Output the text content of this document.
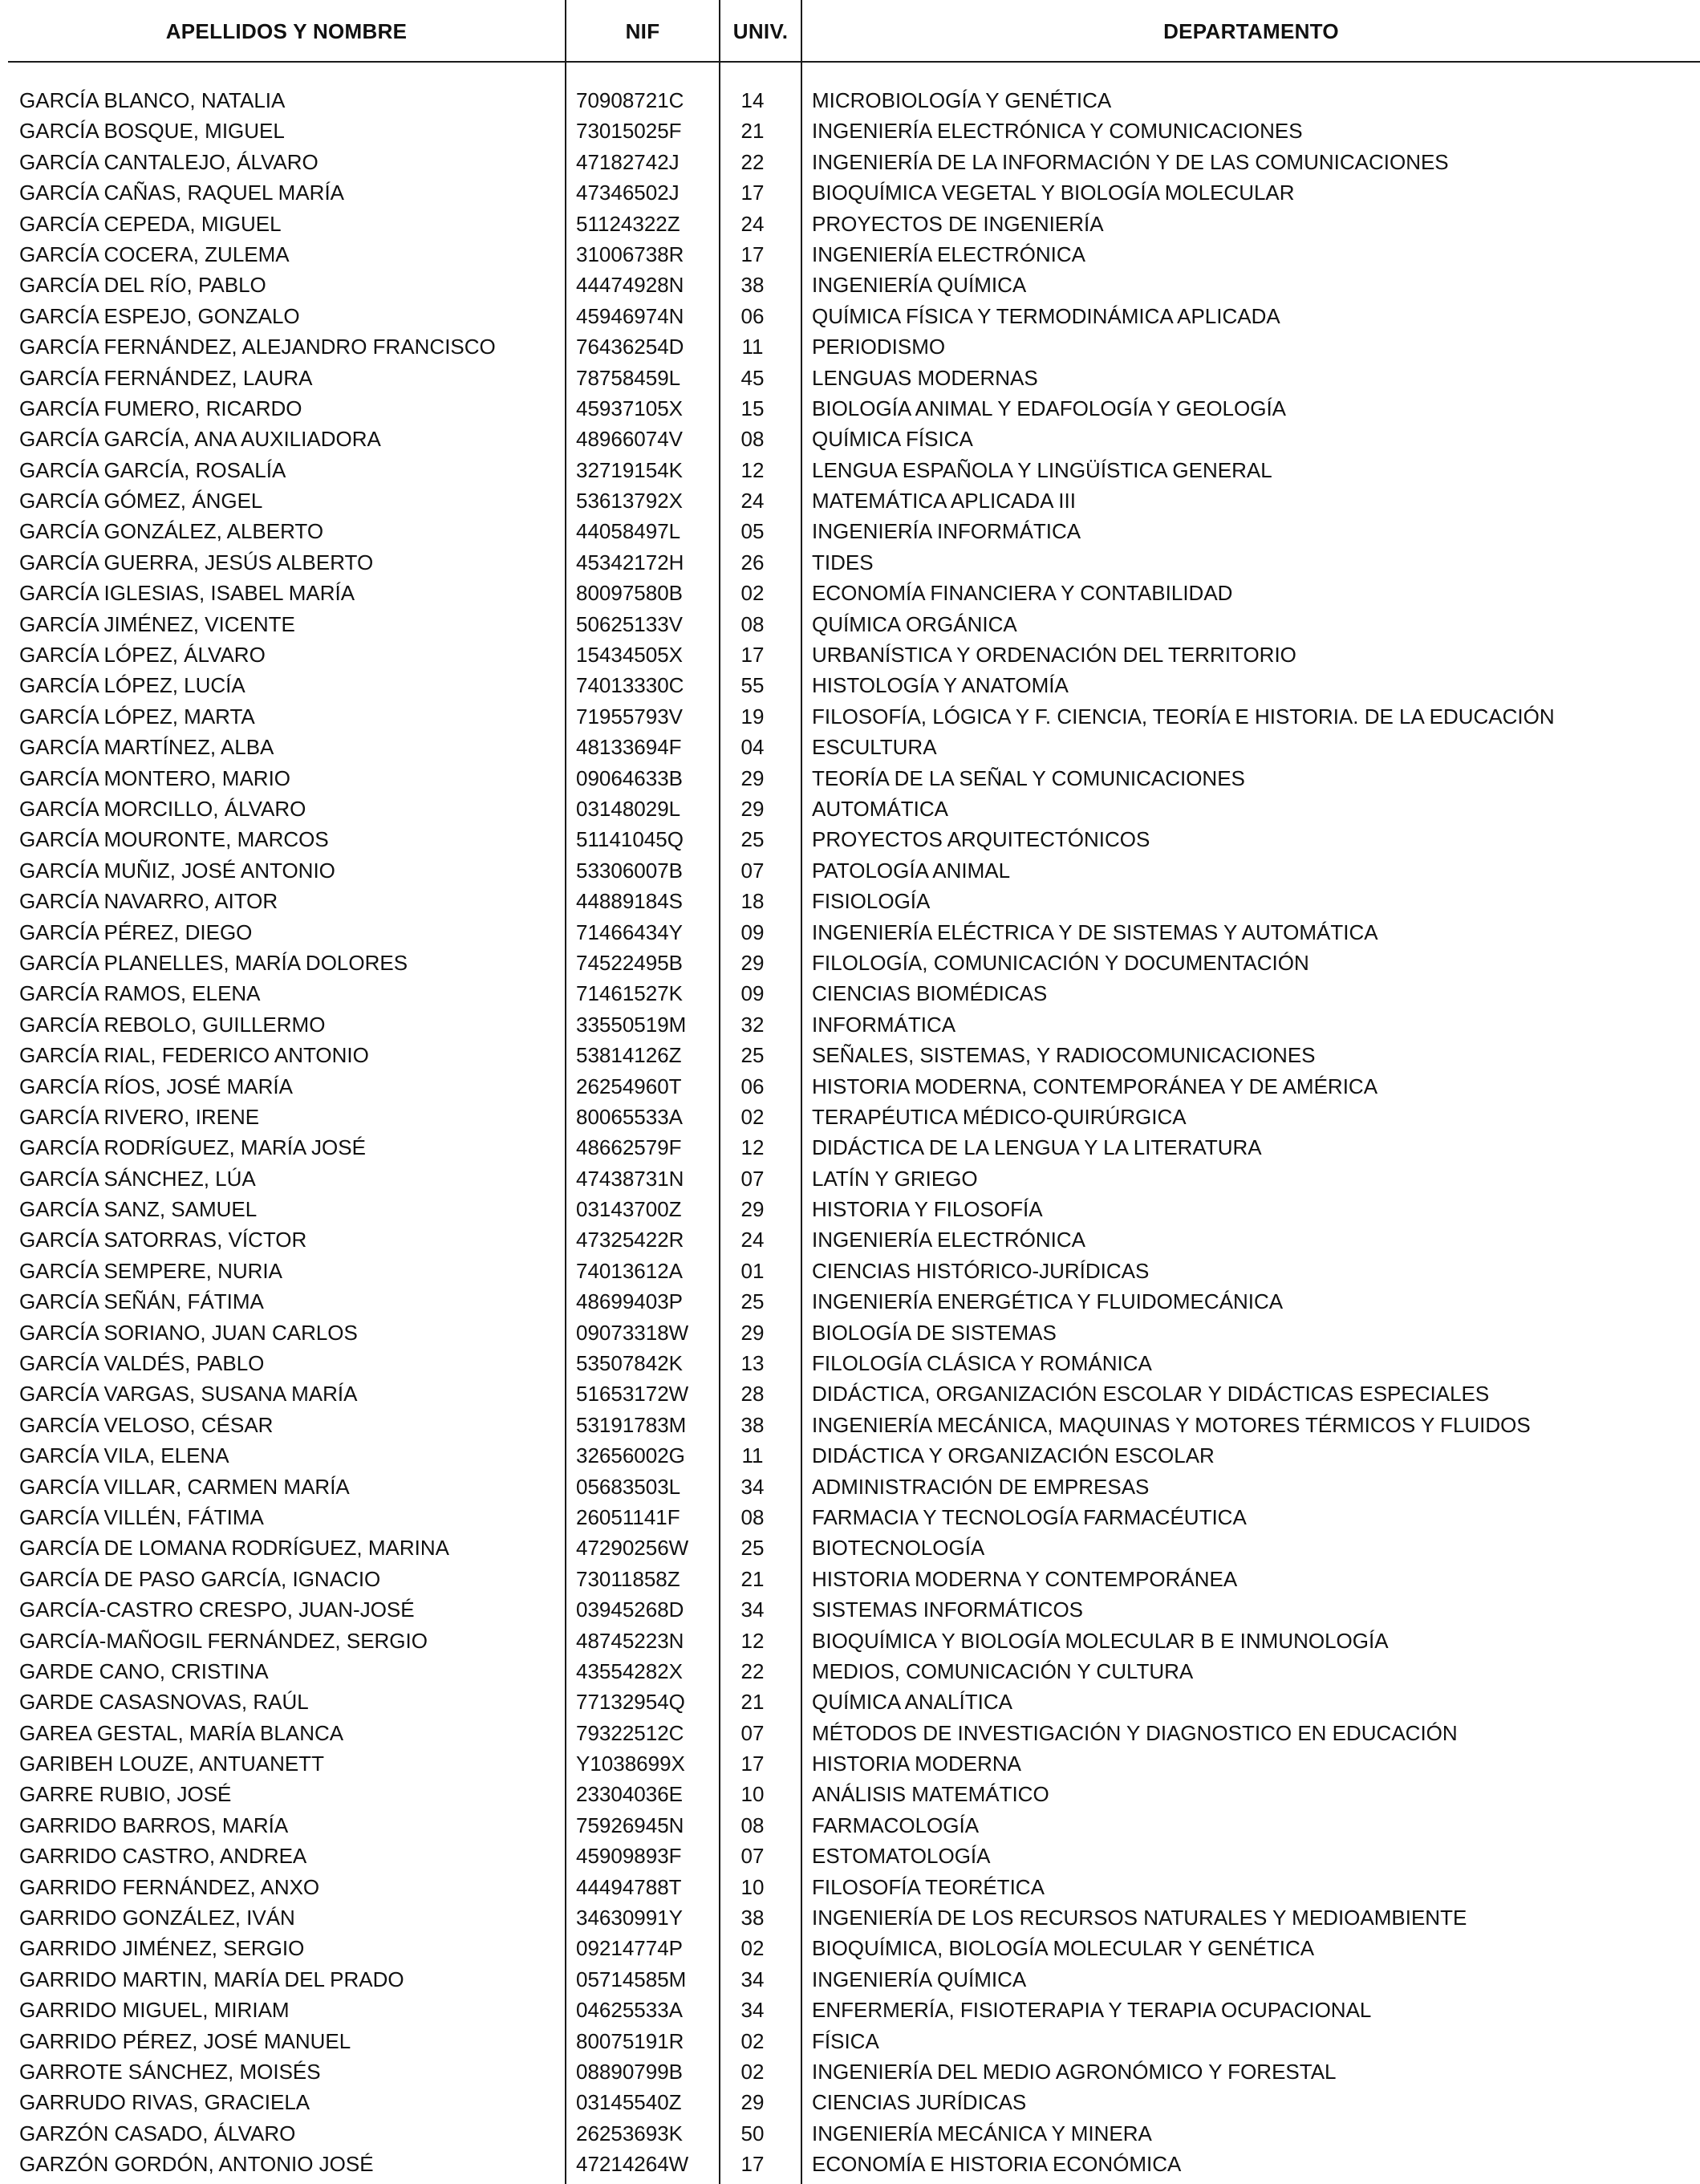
APELLIDOS Y NOMBRE	NIF	UNIV.	DEPARTAMENTO
GARCÍA BLANCO, NATALIA	70908721C	14	MICROBIOLOGÍA Y GENÉTICA
GARCÍA BOSQUE, MIGUEL	73015025F	21	INGENIERÍA ELECTRÓNICA Y COMUNICACIONES
GARCÍA CANTALEJO, ÁLVARO	47182742J	22	INGENIERÍA DE LA INFORMACIÓN Y DE LAS COMUNICACIONES
GARCÍA CAÑAS, RAQUEL MARÍA	47346502J	17	BIOQUÍMICA VEGETAL Y BIOLOGÍA MOLECULAR
GARCÍA CEPEDA, MIGUEL	51124322Z	24	PROYECTOS DE INGENIERÍA
GARCÍA COCERA, ZULEMA	31006738R	17	INGENIERÍA ELECTRÓNICA
GARCÍA DEL RÍO, PABLO	44474928N	38	INGENIERÍA QUÍMICA
GARCÍA ESPEJO, GONZALO	45946974N	06	QUÍMICA FÍSICA Y TERMODINÁMICA APLICADA
GARCÍA FERNÁNDEZ, ALEJANDRO FRANCISCO	76436254D	11	PERIODISMO
GARCÍA FERNÁNDEZ, LAURA	78758459L	45	LENGUAS MODERNAS
GARCÍA FUMERO, RICARDO	45937105X	15	BIOLOGÍA ANIMAL Y EDAFOLOGÍA Y GEOLOGÍA
GARCÍA GARCÍA, ANA AUXILIADORA	48966074V	08	QUÍMICA FÍSICA
GARCÍA GARCÍA, ROSALÍA	32719154K	12	LENGUA ESPAÑOLA Y LINGÜÍSTICA GENERAL
GARCÍA GÓMEZ, ÁNGEL	53613792X	24	MATEMÁTICA APLICADA III
GARCÍA GONZÁLEZ, ALBERTO	44058497L	05	INGENIERÍA INFORMÁTICA
GARCÍA GUERRA, JESÚS ALBERTO	45342172H	26	TIDES
GARCÍA IGLESIAS, ISABEL MARÍA	80097580B	02	ECONOMÍA FINANCIERA Y CONTABILIDAD
GARCÍA JIMÉNEZ, VICENTE	50625133V	08	QUÍMICA ORGÁNICA
GARCÍA LÓPEZ, ÁLVARO	15434505X	17	URBANÍSTICA Y ORDENACIÓN DEL TERRITORIO
GARCÍA LÓPEZ, LUCÍA	74013330C	55	HISTOLOGÍA Y ANATOMÍA
GARCÍA LÓPEZ, MARTA	71955793V	19	FILOSOFÍA, LÓGICA Y F. CIENCIA, TEORÍA E HISTORIA. DE LA EDUCACIÓN
GARCÍA MARTÍNEZ, ALBA	48133694F	04	ESCULTURA
GARCÍA MONTERO, MARIO	09064633B	29	TEORÍA DE LA SEÑAL Y COMUNICACIONES
GARCÍA MORCILLO, ÁLVARO	03148029L	29	AUTOMÁTICA
GARCÍA MOURONTE, MARCOS	51141045Q	25	PROYECTOS ARQUITECTÓNICOS
GARCÍA MUÑIZ, JOSÉ ANTONIO	53306007B	07	PATOLOGÍA ANIMAL
GARCÍA NAVARRO, AITOR	44889184S	18	FISIOLOGÍA
GARCÍA PÉREZ, DIEGO	71466434Y	09	INGENIERÍA ELÉCTRICA Y DE SISTEMAS Y AUTOMÁTICA
GARCÍA PLANELLES, MARÍA DOLORES	74522495B	29	FILOLOGÍA, COMUNICACIÓN Y DOCUMENTACIÓN
GARCÍA RAMOS, ELENA	71461527K	09	CIENCIAS BIOMÉDICAS
GARCÍA REBOLO, GUILLERMO	33550519M	32	INFORMÁTICA
GARCÍA RIAL, FEDERICO ANTONIO	53814126Z	25	SEÑALES, SISTEMAS, Y RADIOCOMUNICACIONES
GARCÍA RÍOS, JOSÉ MARÍA	26254960T	06	HISTORIA MODERNA, CONTEMPORÁNEA Y DE AMÉRICA
GARCÍA RIVERO, IRENE	80065533A	02	TERAPÉUTICA MÉDICO-QUIRÚRGICA
GARCÍA RODRÍGUEZ, MARÍA JOSÉ	48662579F	12	DIDÁCTICA DE LA LENGUA Y LA LITERATURA
GARCÍA SÁNCHEZ, LÚA	47438731N	07	LATÍN Y GRIEGO
GARCÍA SANZ, SAMUEL	03143700Z	29	HISTORIA Y FILOSOFÍA
GARCÍA SATORRAS, VÍCTOR	47325422R	24	INGENIERÍA ELECTRÓNICA
GARCÍA SEMPERE, NURIA	74013612A	01	CIENCIAS HISTÓRICO-JURÍDICAS
GARCÍA SEÑÁN, FÁTIMA	48699403P	25	INGENIERÍA ENERGÉTICA Y FLUIDOMECÁNICA
GARCÍA SORIANO, JUAN CARLOS	09073318W	29	BIOLOGÍA DE SISTEMAS
GARCÍA VALDÉS, PABLO	53507842K	13	FILOLOGÍA CLÁSICA Y ROMÁNICA
GARCÍA VARGAS, SUSANA MARÍA	51653172W	28	DIDÁCTICA, ORGANIZACIÓN ESCOLAR Y DIDÁCTICAS ESPECIALES
GARCÍA VELOSO, CÉSAR	53191783M	38	INGENIERÍA MECÁNICA, MAQUINAS Y MOTORES TÉRMICOS Y FLUIDOS
GARCÍA VILA, ELENA	32656002G	11	DIDÁCTICA Y ORGANIZACIÓN ESCOLAR
GARCÍA VILLAR, CARMEN MARÍA	05683503L	34	ADMINISTRACIÓN DE EMPRESAS
GARCÍA VILLÉN, FÁTIMA	26051141F	08	FARMACIA Y TECNOLOGÍA FARMACÉUTICA
GARCÍA DE LOMANA RODRÍGUEZ, MARINA	47290256W	25	BIOTECNOLOGÍA
GARCÍA DE PASO GARCÍA, IGNACIO	73011858Z	21	HISTORIA MODERNA Y CONTEMPORÁNEA
GARCÍA-CASTRO CRESPO, JUAN-JOSÉ	03945268D	34	SISTEMAS INFORMÁTICOS
GARCÍA-MAÑOGIL FERNÁNDEZ, SERGIO	48745223N	12	BIOQUÍMICA Y BIOLOGÍA MOLECULAR B E INMUNOLOGÍA
GARDE CANO, CRISTINA	43554282X	22	MEDIOS, COMUNICACIÓN Y CULTURA
GARDE CASASNOVAS, RAÚL	77132954Q	21	QUÍMICA ANALÍTICA
GAREA GESTAL, MARÍA BLANCA	79322512C	07	MÉTODOS DE INVESTIGACIÓN Y DIAGNOSTICO EN EDUCACIÓN
GARIBEH LOUZE, ANTUANETT	Y1038699X	17	HISTORIA MODERNA
GARRE RUBIO, JOSÉ	23304036E	10	ANÁLISIS MATEMÁTICO
GARRIDO BARROS, MARÍA	75926945N	08	FARMACOLOGÍA
GARRIDO CASTRO, ANDREA	45909893F	07	ESTOMATOLOGÍA
GARRIDO FERNÁNDEZ, ANXO	44494788T	10	FILOSOFÍA TEORÉTICA
GARRIDO GONZÁLEZ, IVÁN	34630991Y	38	INGENIERÍA DE LOS RECURSOS NATURALES Y MEDIOAMBIENTE
GARRIDO JIMÉNEZ, SERGIO	09214774P	02	BIOQUÍMICA, BIOLOGÍA MOLECULAR Y GENÉTICA
GARRIDO MARTIN, MARÍA DEL PRADO	05714585M	34	INGENIERÍA QUÍMICA
GARRIDO MIGUEL, MIRIAM	04625533A	34	ENFERMERÍA, FISIOTERAPIA Y TERAPIA OCUPACIONAL
GARRIDO PÉREZ, JOSÉ MANUEL	80075191R	02	FÍSICA
GARROTE SÁNCHEZ, MOISÉS	08890799B	02	INGENIERÍA DEL MEDIO AGRONÓMICO Y FORESTAL
GARRUDO RIVAS, GRACIELA	03145540Z	29	CIENCIAS JURÍDICAS
GARZÓN CASADO, ÁLVARO	26253693K	50	INGENIERÍA MECÁNICA Y MINERA
GARZÓN GORDÓN, ANTONIO JOSÉ	47214264W	17	ECONOMÍA E HISTORIA ECONÓMICA
